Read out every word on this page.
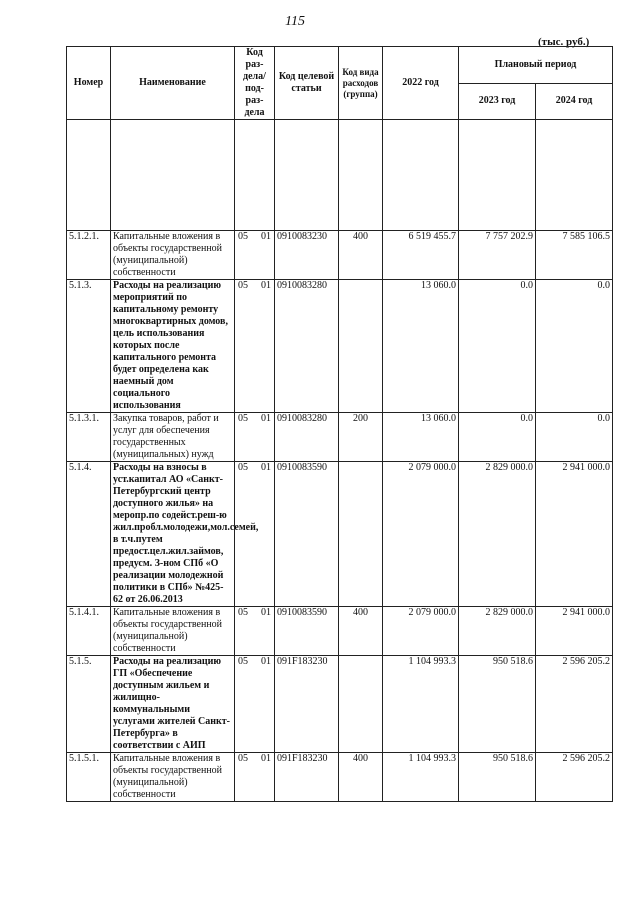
115
(тыс. руб.)
Номер	Наименование	Код раз-дела/ под-раз-дела	Код целевой статьи	Код вида расходов (группа)	2022 год	Плановый период	
						2023 год	2024 год

5.1.2.1.	Капитальные вложения в объекты государственной (муниципальной) собственности	05 01	0910083230	400	6 519 455.7	7 757 202.9	7 585 106.5
5.1.3.	Расходы на реализацию мероприятий по капитальному ремонту многоквартирных домов, цель использования которых после капитального ремонта будет определена как наемный дом социального использования	05 01	0910083280		13 060.0	0.0	0.0
5.1.3.1.	Закупка товаров, работ и услуг для обеспечения государственных (муниципальных) нужд	05 01	0910083280	200	13 060.0	0.0	0.0
5.1.4.	Расходы на взносы в уст.капитал АО «Санкт-Петербургский центр доступного жилья» на меропр.по содейст.реш-ю жил.пробл.молодежи,мол.семей, в т.ч.путем предост.цел.жил.займов, предусм. З-ном СПб «О реализации молодежной политики в СПб» №425-62 от 26.06.2013	05 01	0910083590		2 079 000.0	2 829 000.0	2 941 000.0
5.1.4.1.	Капитальные вложения в объекты государственной (муниципальной) собственности	05 01	0910083590	400	2 079 000.0	2 829 000.0	2 941 000.0
5.1.5.	Расходы на реализацию ГП «Обеспечение доступным жильем и жилищно-коммунальными услугами жителей Санкт-Петербурга» в соответствии с АИП	05 01	091F183230		1 104 993.3	950 518.6	2 596 205.2
5.1.5.1.	Капитальные вложения в объекты государственной (муниципальной) собственности	05 01	091F183230	400	1 104 993.3	950 518.6	2 596 205.2
